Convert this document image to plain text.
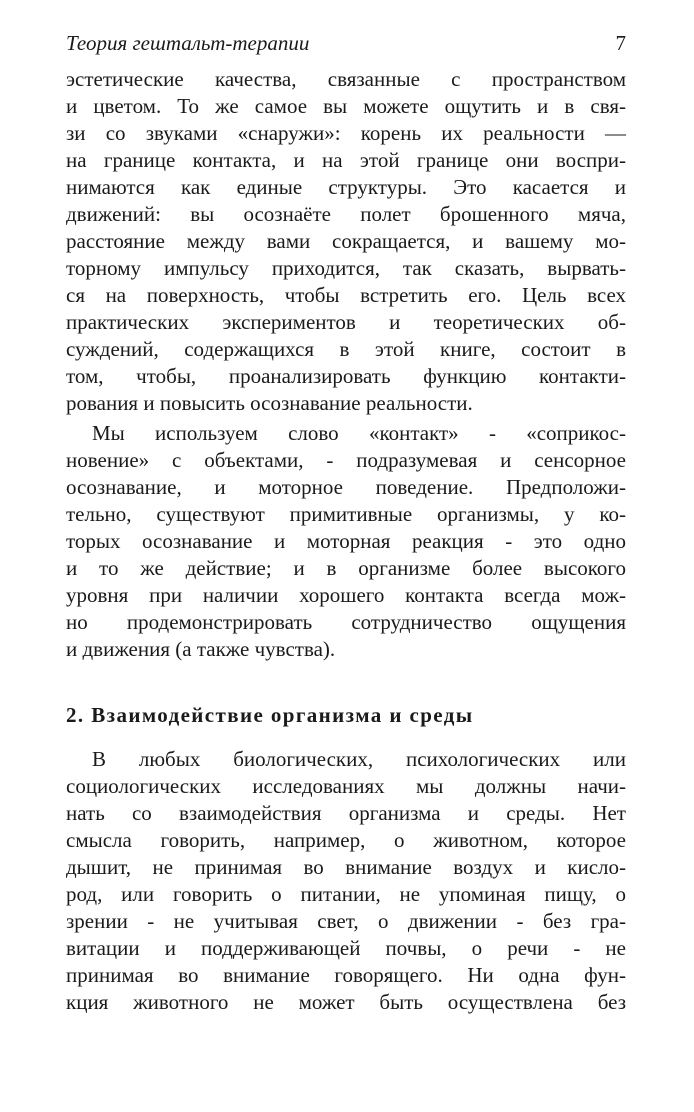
Теория гештальт-терапии	7
эстетические качества, связанные с пространством
и цветом. То же самое вы можете ощутить и в свя-
зи со звуками «снаружи»: корень их реальности —
на границе контакта, и на этой границе они воспри-
нимаются как единые структуры. Это касается и
движений: вы осознаёте полет брошенного мяча,
расстояние между вами сокращается, и вашему мо-
торному импульсу приходится, так сказать, вырвать-
ся на поверхность, чтобы встретить его. Цель всех
практических экспериментов и теоретических об-
суждений, содержащихся в этой книге, состоит в
том, чтобы, проанализировать функцию контакти-
рования и повысить осознавание реальности.
Мы используем слово «контакт» - «соприкос-
новение» с объектами, - подразумевая и сенсорное
осознавание, и моторное поведение. Предположи-
тельно, существуют примитивные организмы, у ко-
торых осознавание и моторная реакция - это одно
и то же действие; и в организме более высокого
уровня при наличии хорошего контакта всегда мож-
но продемонстрировать сотрудничество ощущения
и движения (а также чувства).
2. Взаимодействие организма и среды
В любых биологических, психологических или
социологических исследованиях мы должны начи-
нать со взаимодействия организма и среды. Нет
смысла говорить, например, о животном, которое
дышит, не принимая во внимание воздух и кисло-
род, или говорить о питании, не упоминая пищу, о
зрении - не учитывая свет, о движении - без гра-
витации и поддерживающей почвы, о речи - не
принимая во внимание говорящего. Ни одна фун-
кция животного не может быть осуществлена без
